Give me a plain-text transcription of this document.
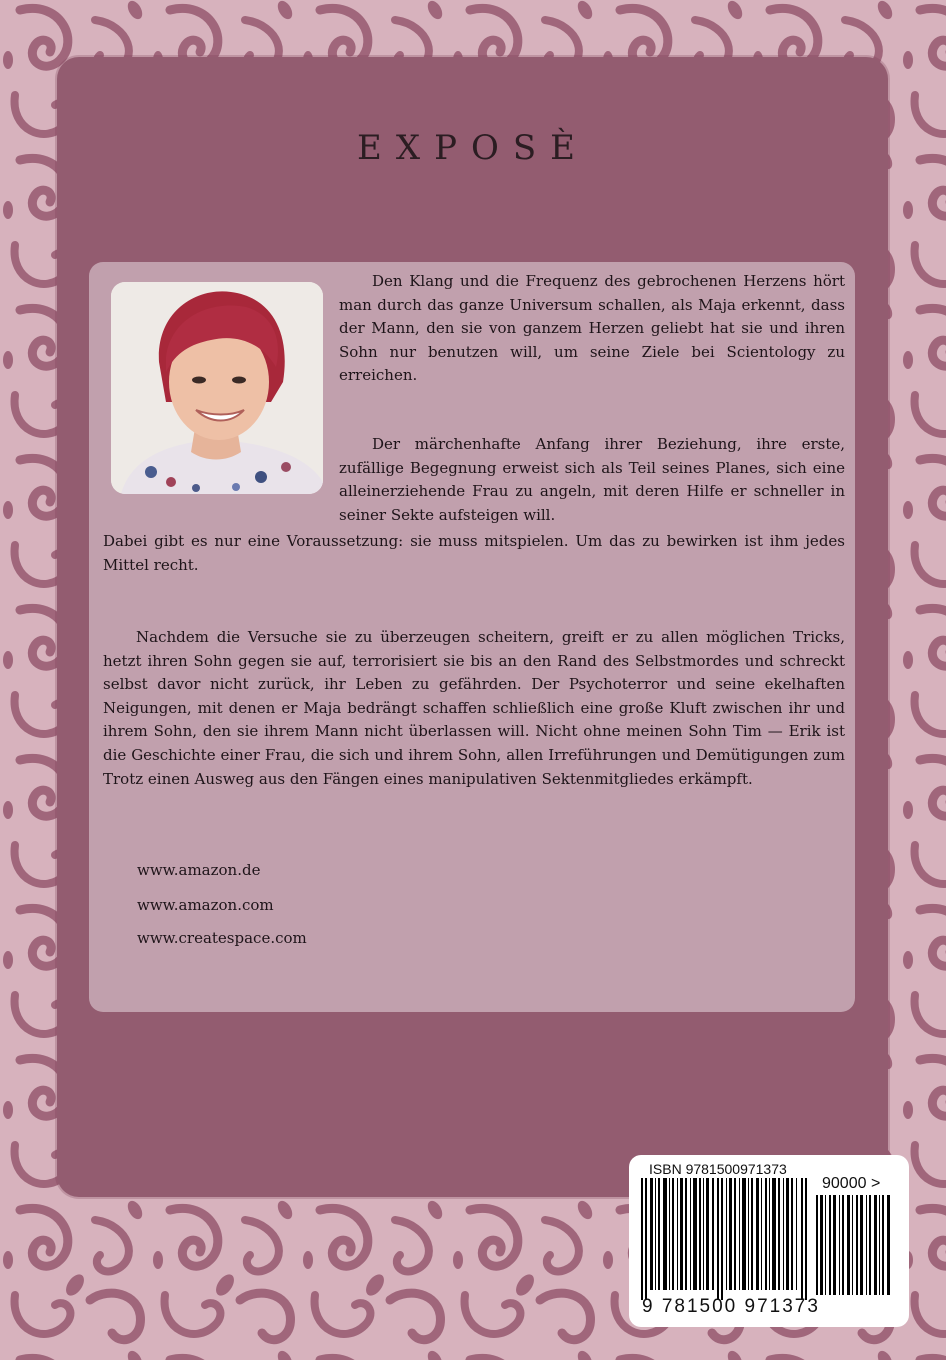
EXPOSÈ
Den Klang und die Frequenz des gebrochenen Herzens hört man durch das ganze Universum schallen, als Maja erkennt, dass der Mann, den sie von ganzem Herzen geliebt hat sie und ihren Sohn nur benutzen will, um seine Ziele bei Scientology zu erreichen.
Der märchenhafte Anfang ihrer Beziehung, ihre erste, zufällige Begegnung erweist sich als Teil seines Planes, sich eine alleinerziehende Frau zu angeln, mit deren Hilfe er schneller in seiner Sekte aufsteigen will.
Dabei gibt es nur eine Voraussetzung: sie muss mitspielen. Um das zu bewirken ist ihm jedes Mittel recht.
Nachdem die Versuche sie zu überzeugen scheitern, greift er zu allen möglichen Tricks, hetzt ihren Sohn gegen sie auf, terrorisiert sie bis an den Rand des Selbstmordes und schreckt selbst davor nicht zurück, ihr Leben zu gefährden. Der Psychoterror und seine ekelhaften Neigungen, mit denen er Maja bedrängt schaffen schließlich eine große Kluft zwischen ihr und ihrem Sohn, den sie ihrem Mann nicht überlassen will. Nicht ohne meinen Sohn Tim — Erik ist die Geschichte einer Frau, die sich und ihrem Sohn, allen Irreführungen und Demütigungen zum Trotz einen Ausweg aus den Fängen eines manipulativen Sektenmitgliedes erkämpft.
www.amazon.de
www.amazon.com
www.createspace.com
ISBN 9781500971373
90000 >
9 781500 971373
